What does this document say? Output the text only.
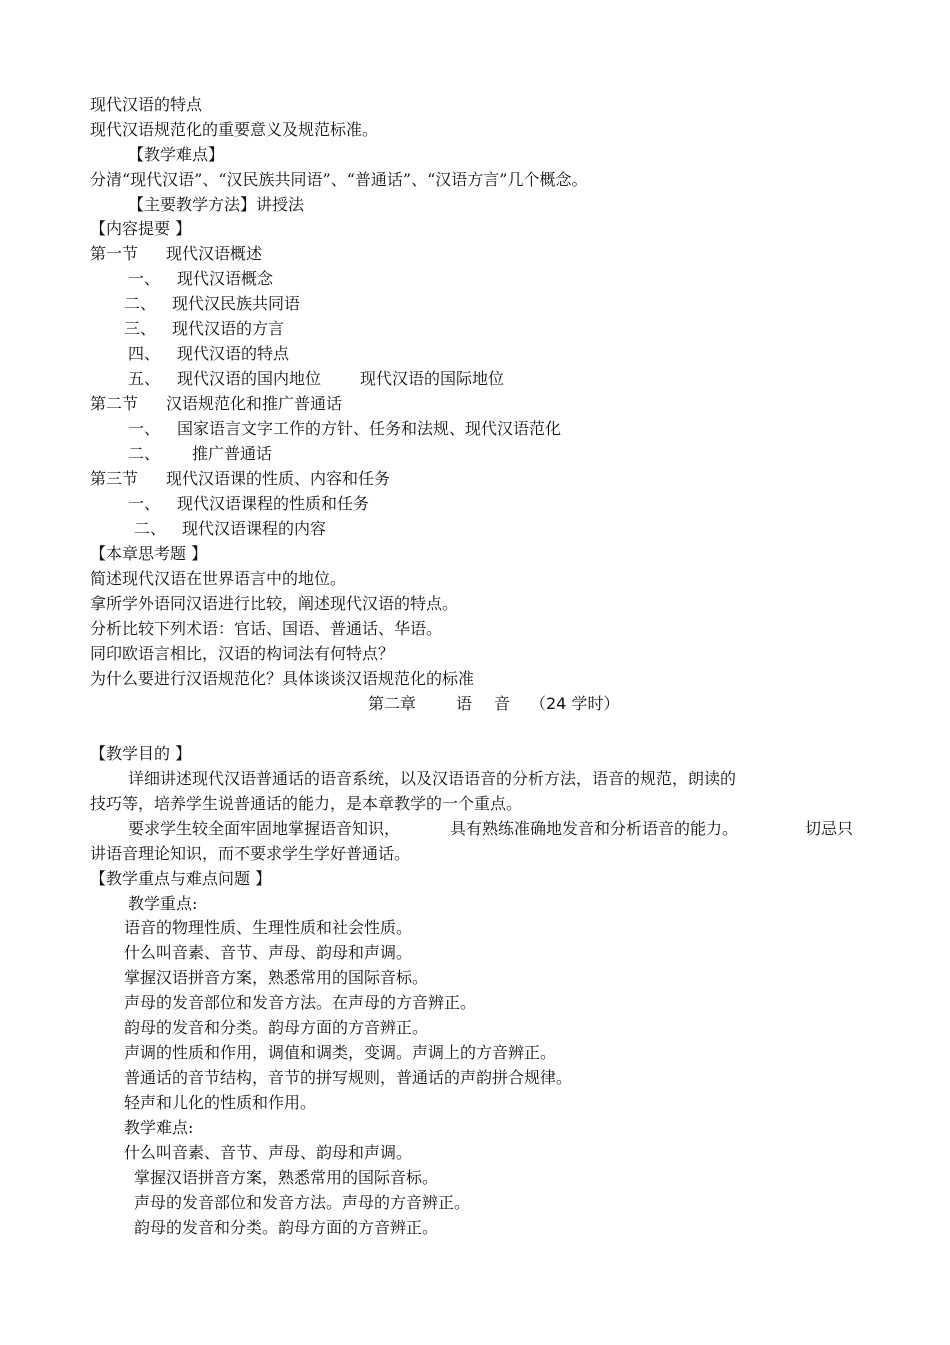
现代汉语的特点
现代汉语规范化的重要意义及规范标准。
【教学难点】
分清“现代汉语”、“汉民族共同语”、“普通话”、“汉语方言”几个概念。
【主要教学方法】讲授法
【内容提要 】
第一节 现代汉语概述
一、 现代汉语概念
二、 现代汉民族共同语
三、 现代汉语的方言
四、 现代汉语的特点
五、 现代汉语的国内地位 现代汉语的国际地位
第二节 汉语规范化和推广普通话
一、 国家语言文字工作的方针、任务和法规、现代汉语范化
二、 推广普通话
第三节 现代汉语课的性质、内容和任务
一、 现代汉语课程的性质和任务
二、 现代汉语课程的内容
【本章思考题 】
简述现代汉语在世界语言中的地位。
拿所学外语同汉语进行比较，阐述现代汉语的特点。
分析比较下列术语：官话、国语、普通话、华语。
同印欧语言相比，汉语的构词法有何特点？
为什么要进行汉语规范化？具体谈谈汉语规范化的标准
第二章 语 音 （24 学时）
【教学目的 】
详细讲述现代汉语普通话的语音系统，以及汉语语音的分析方法，语音的规范，朗读的
技巧等，培养学生说普通话的能力，是本章教学的一个重点。
要求学生较全面牢固地掌握语音知识，	具有熟练准确地发音和分析语音的能力。	切忌只
讲语音理论知识，而不要求学生学好普通话。
【教学重点与难点问题 】
教学重点:
语音的物理性质、生理性质和社会性质。
什么叫音素、音节、声母、韵母和声调。
掌握汉语拼音方案，熟悉常用的国际音标。
声母的发音部位和发音方法。在声母的方音辨正。
韵母的发音和分类。韵母方面的方音辨正。
声调的性质和作用，调值和调类，变调。声调上的方音辨正。
普通话的音节结构，音节的拼写规则，普通话的声韵拼合规律。
轻声和儿化的性质和作用。
教学难点:
什么叫音素、音节、声母、韵母和声调。
掌握汉语拼音方案，熟悉常用的国际音标。
声母的发音部位和发音方法。声母的方音辨正。
韵母的发音和分类。韵母方面的方音辨正。
